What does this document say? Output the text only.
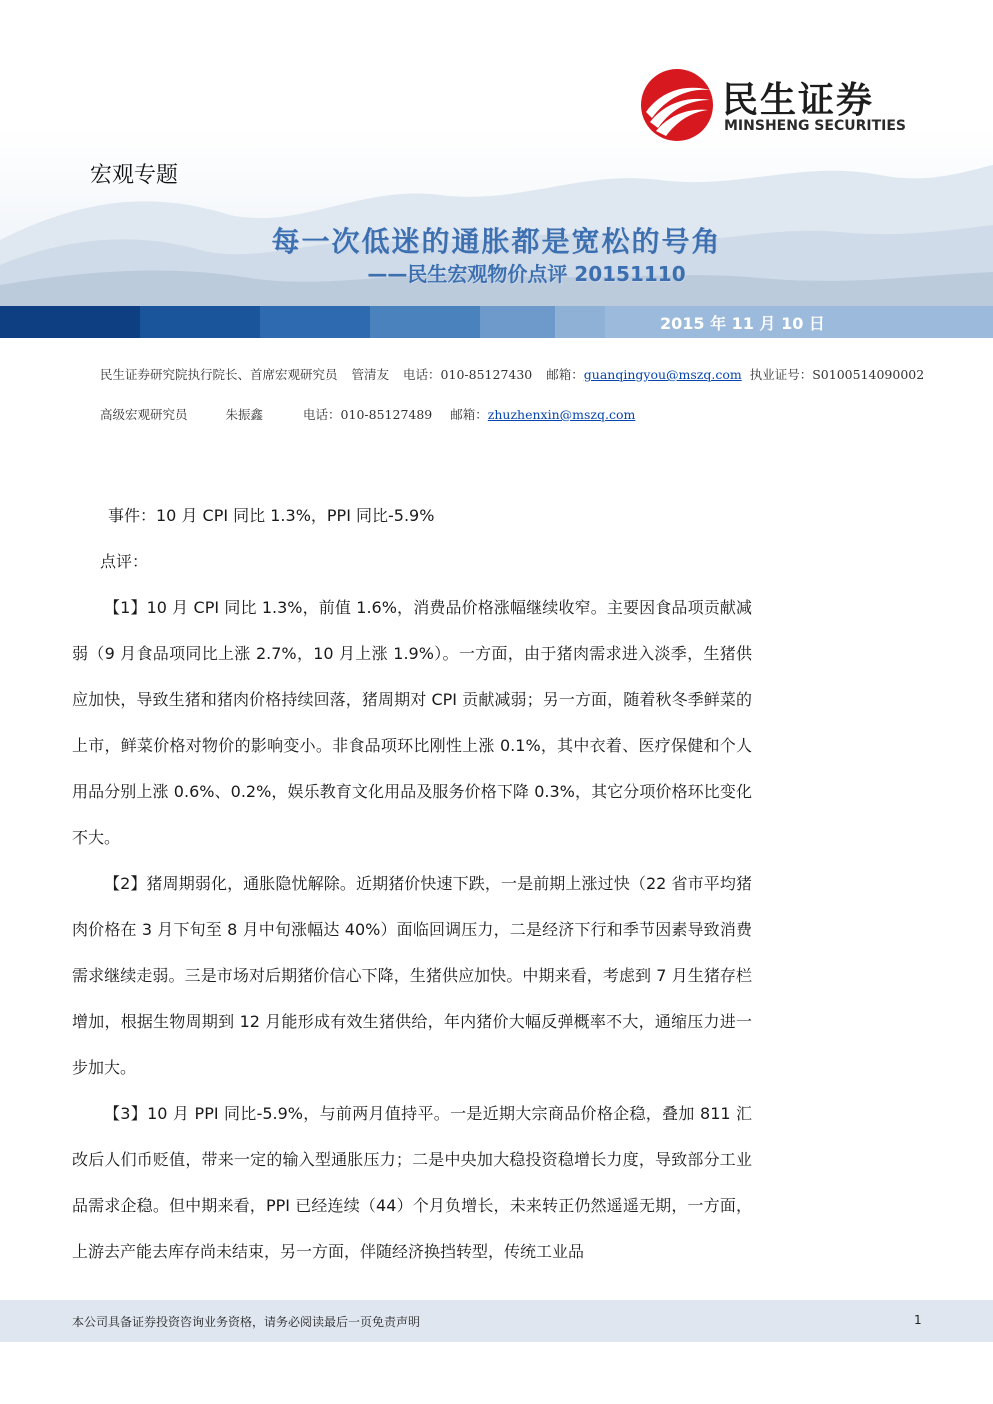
民生证券
MINSHENG SECURITIES
宏观专题
每一次低迷的通胀都是宽松的号角
——民生宏观物价点评 20151110
2015 年 11 月 10 日
民生证券研究院执行院长、首席宏观研究员 管清友 电话：010-85127430 邮箱：guanqingyou@mszq.com 执业证号：S0100514090002
高级宏观研究员	朱振鑫	电话：010-85127489 邮箱：zhuzhenxin@mszq.com

事件：10 月 CPI 同比 1.3%，PPI 同比-5.9%

点评：

【1】10 月 CPI 同比 1.3%，前值 1.6%，消费品价格涨幅继续收窄。主要因食品项贡献减弱（9 月食品项同比上涨 2.7%，10 月上涨 1.9%）。一方面，由于猪肉需求进入淡季，生猪供应加快，导致生猪和猪肉价格持续回落，猪周期对 CPI 贡献减弱；另一方面，随着秋冬季鲜菜的上市，鲜菜价格对物价的影响变小。非食品项环比刚性上涨 0.1%，其中衣着、医疗保健和个人用品分别上涨 0.6%、0.2%，娱乐教育文化用品及服务价格下降 0.3%，其它分项价格环比变化不大。

【2】猪周期弱化，通胀隐忧解除。近期猪价快速下跌，一是前期上涨过快（22 省市平均猪肉价格在 3 月下旬至 8 月中旬涨幅达 40%）面临回调压力，二是经济下行和季节因素导致消费需求继续走弱。三是市场对后期猪价信心下降，生猪供应加快。中期来看，考虑到 7 月生猪存栏增加，根据生物周期到 12 月能形成有效生猪供给，年内猪价大幅反弹概率不大，通缩压力进一步加大。

【3】10 月 PPI 同比-5.9%，与前两月值持平。一是近期大宗商品价格企稳，叠加 811 汇改后人们币贬值，带来一定的输入型通胀压力；二是中央加大稳投资稳增长力度，导致部分工业品需求企稳。但中期来看，PPI 已经连续（44）个月负增长，未来转正仍然遥遥无期，一方面，上游去产能去库存尚未结束，另一方面，伴随经济换挡转型，传统工业品

本公司具备证券投资咨询业务资格，请务必阅读最后一页免责声明	1
